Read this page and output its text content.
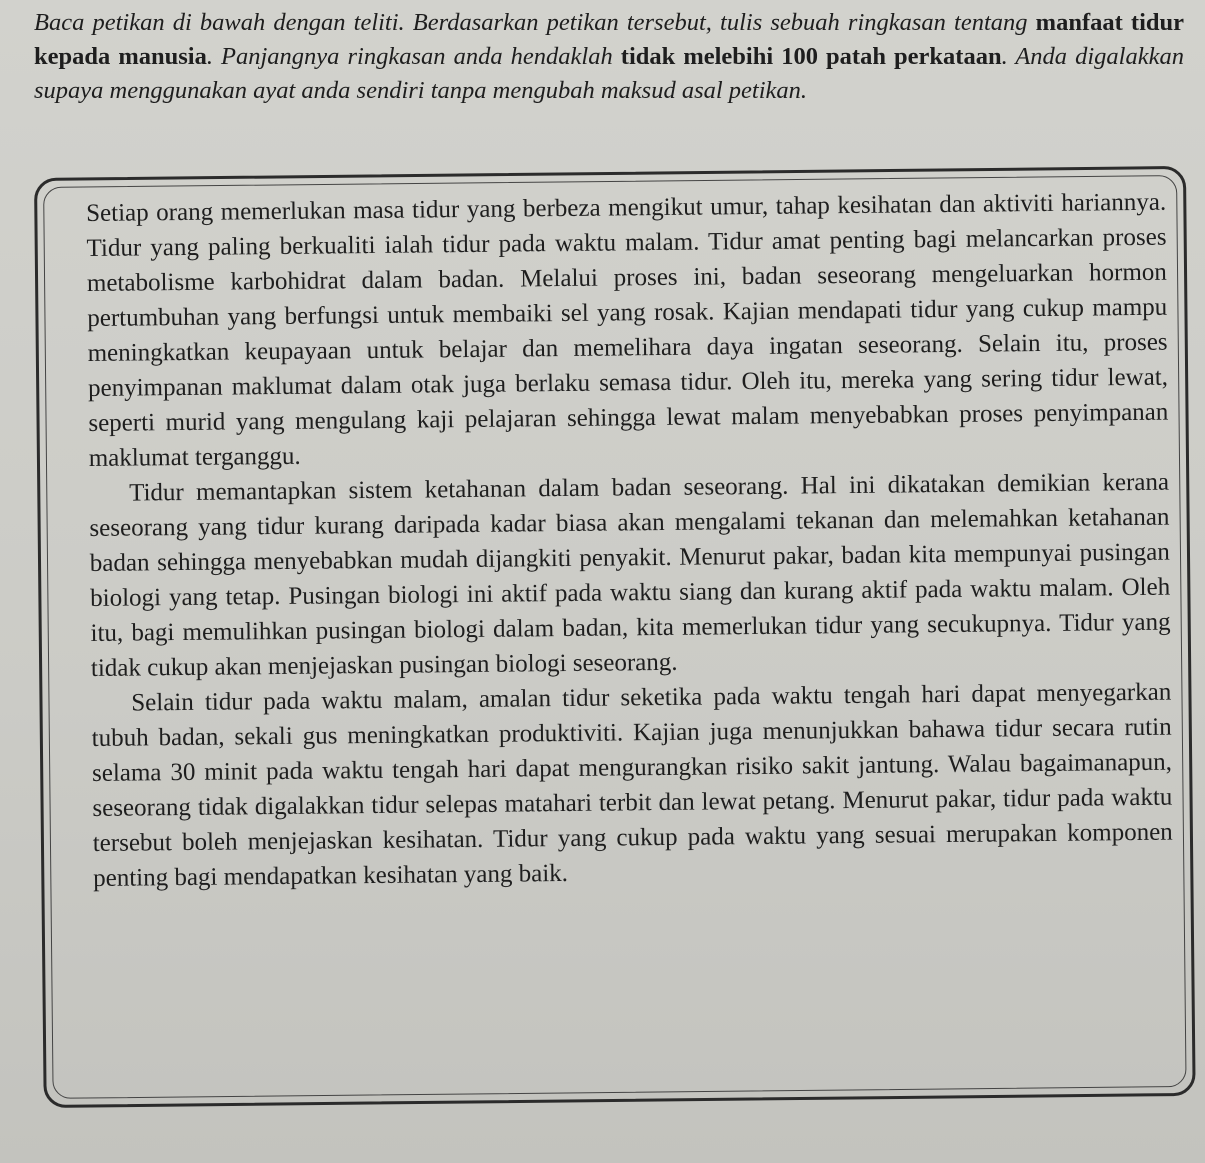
Baca petikan di bawah dengan teliti. Berdasarkan petikan tersebut, tulis sebuah ringkasan tentang manfaat tidur kepada manusia. Panjangnya ringkasan anda hendaklah tidak melebihi 100 patah perkataan. Anda digalakkan supaya menggunakan ayat anda sendiri tanpa mengubah maksud asal petikan.

Setiap orang memerlukan masa tidur yang berbeza mengikut umur, tahap kesihatan dan aktiviti hariannya. Tidur yang paling berkualiti ialah tidur pada waktu malam. Tidur amat penting bagi melancarkan proses metabolisme karbohidrat dalam badan. Melalui proses ini, badan seseorang mengeluarkan hormon pertumbuhan yang berfungsi untuk membaiki sel yang rosak. Kajian mendapati tidur yang cukup mampu meningkatkan keupayaan untuk belajar dan memelihara daya ingatan seseorang. Selain itu, proses penyimpanan maklumat dalam otak juga berlaku semasa tidur. Oleh itu, mereka yang sering tidur lewat, seperti murid yang mengulang kaji pelajaran sehingga lewat malam menyebabkan proses penyimpanan maklumat terganggu.

Tidur memantapkan sistem ketahanan dalam badan seseorang. Hal ini dikatakan demikian kerana seseorang yang tidur kurang daripada kadar biasa akan mengalami tekanan dan melemahkan ketahanan badan sehingga menyebabkan mudah dijangkiti penyakit. Menurut pakar, badan kita mempunyai pusingan biologi yang tetap. Pusingan biologi ini aktif pada waktu siang dan kurang aktif pada waktu malam. Oleh itu, bagi memulihkan pusingan biologi dalam badan, kita memerlukan tidur yang secukupnya. Tidur yang tidak cukup akan menjejaskan pusingan biologi seseorang.

Selain tidur pada waktu malam, amalan tidur seketika pada waktu tengah hari dapat menyegarkan tubuh badan, sekali gus meningkatkan produktiviti. Kajian juga menunjukkan bahawa tidur secara rutin selama 30 minit pada waktu tengah hari dapat mengurangkan risiko sakit jantung. Walau bagaimanapun, seseorang tidak digalakkan tidur selepas matahari terbit dan lewat petang. Menurut pakar, tidur pada waktu tersebut boleh menjejaskan kesihatan. Tidur yang cukup pada waktu yang sesuai merupakan komponen penting bagi mendapatkan kesihatan yang baik.
